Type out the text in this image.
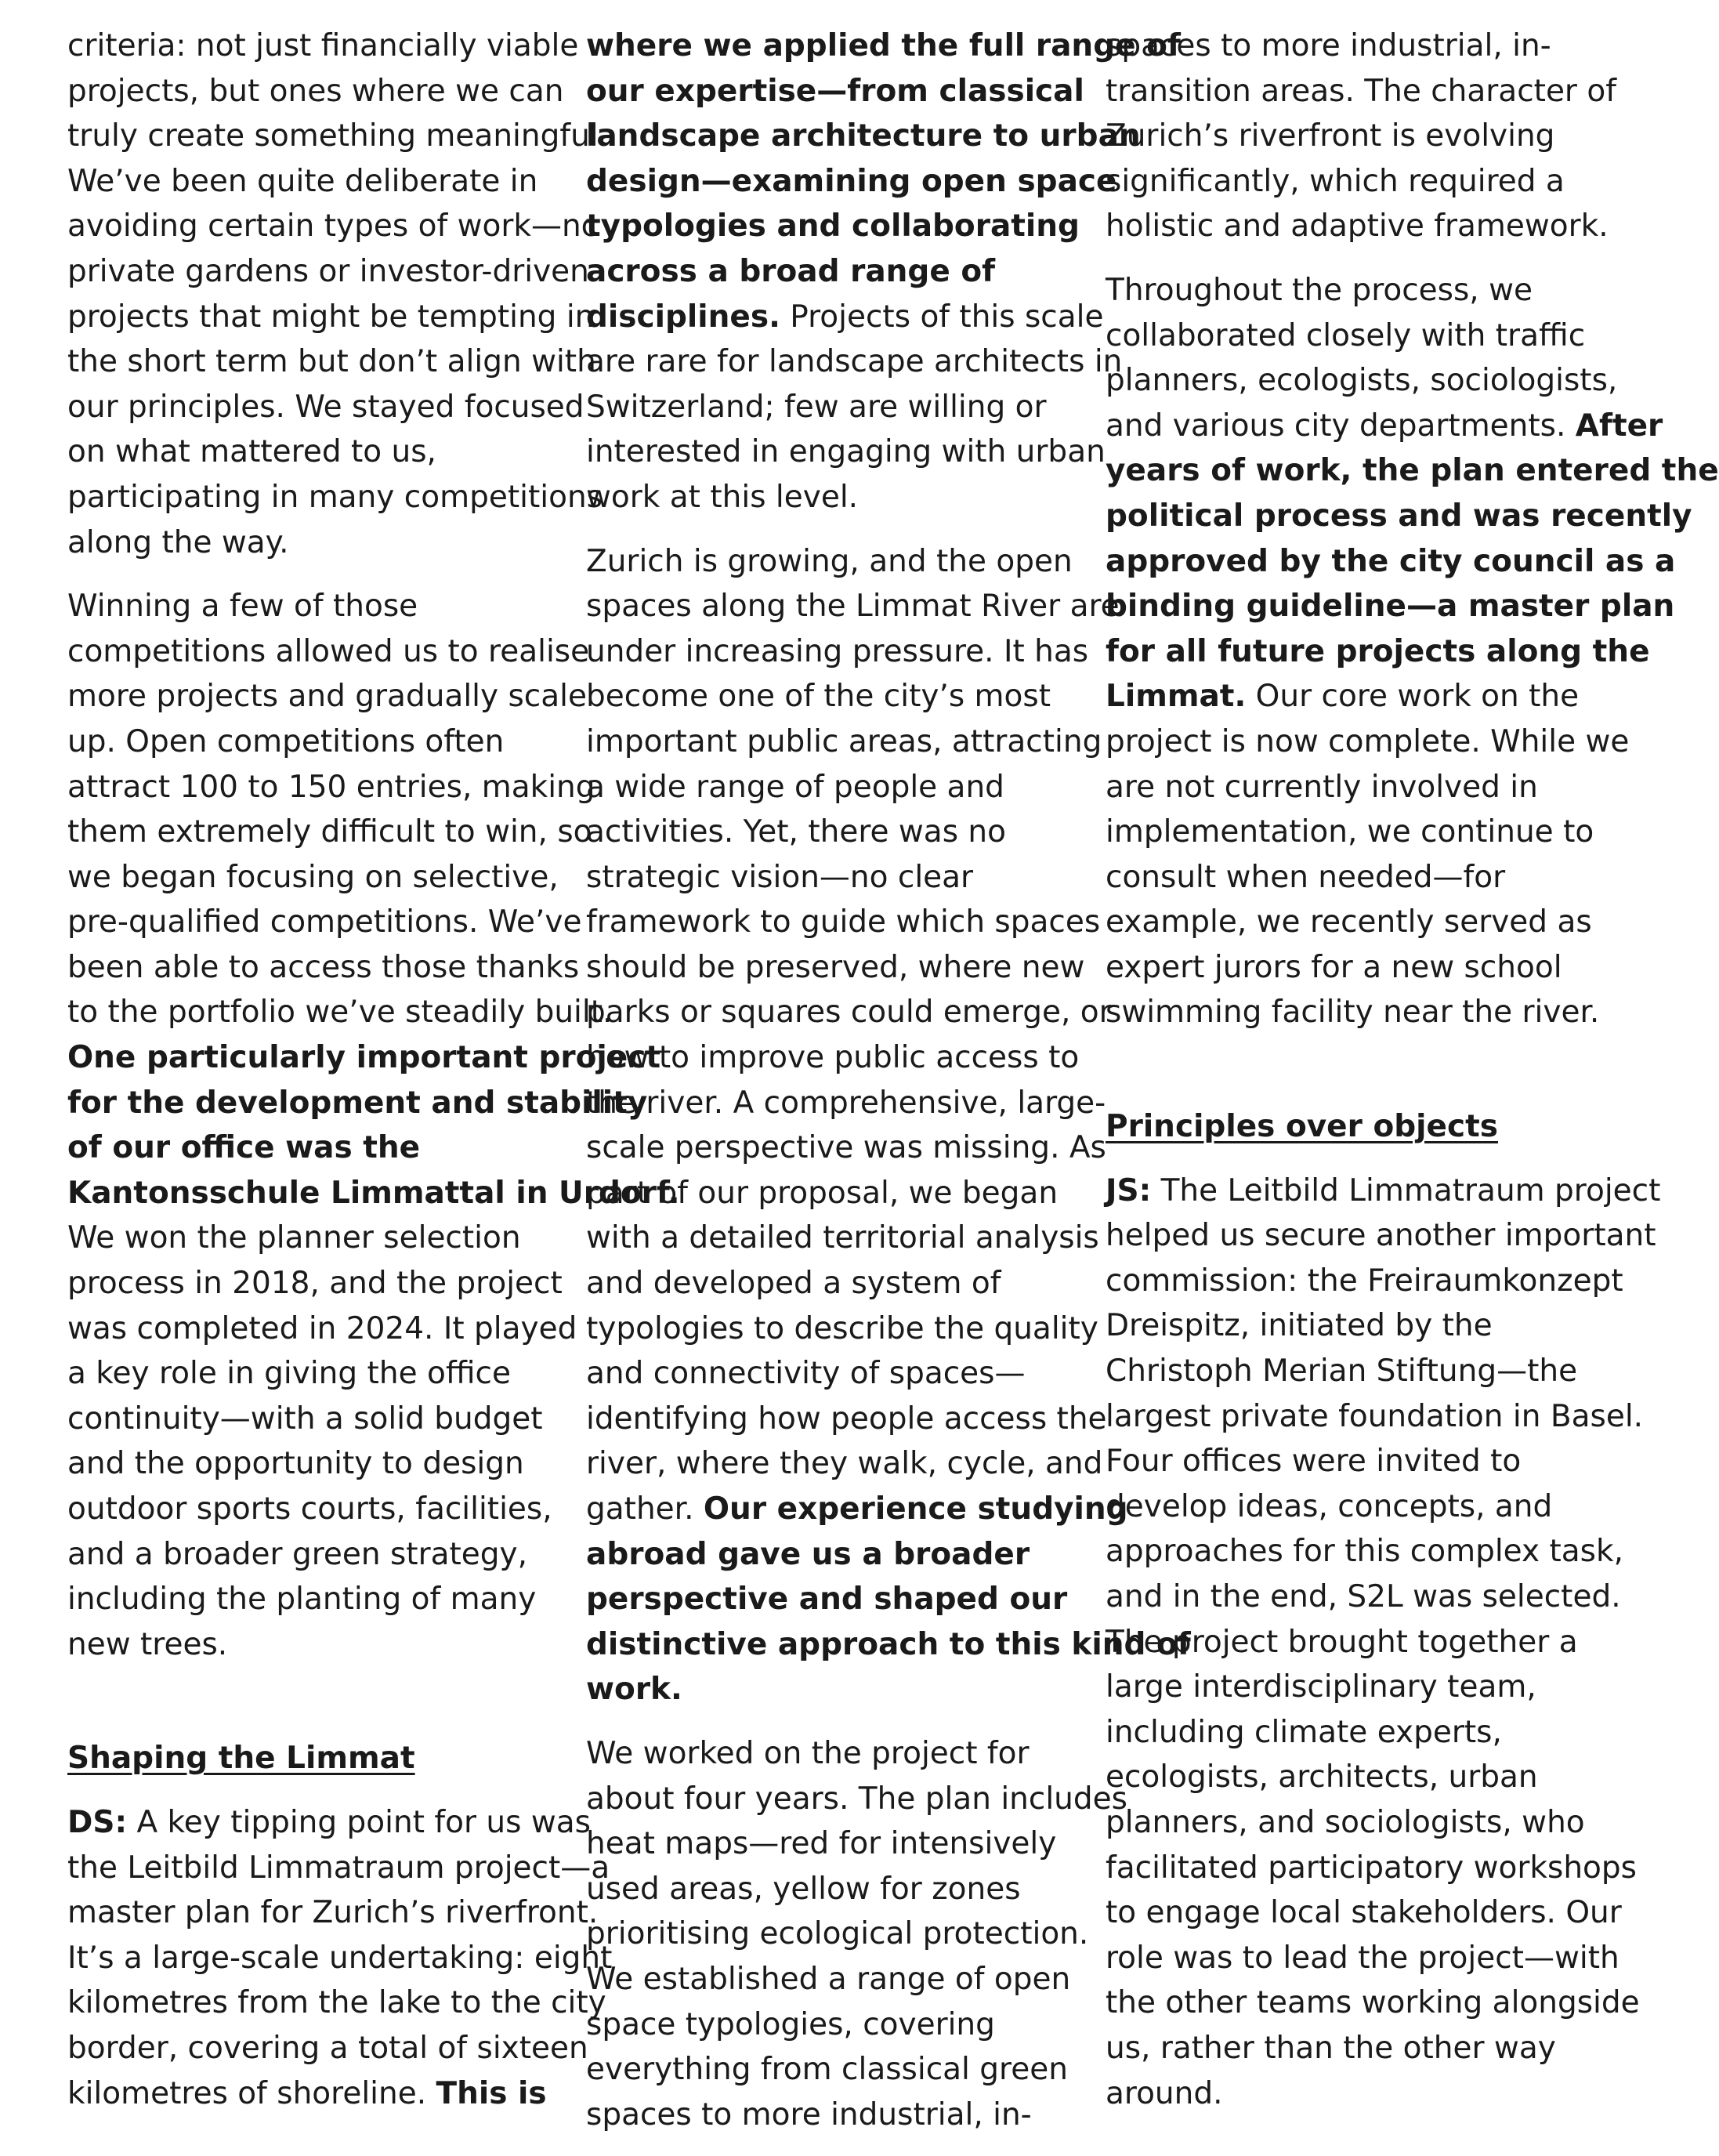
criteria: not just financially viable
projects, but ones where we can
truly create something meaningful.
We’ve been quite deliberate in
avoiding certain types of work—nc
private gardens or investor-driven
projects that might be tempting in
the short term but don’t align with
our principles. We stayed focused
on what mattered to us,
participating in many competitions
along the way.

Winning a few of those
competitions allowed us to realise
more projects and gradually scale
up. Open competitions often
attract 100 to 150 entries, making
them extremely difficult to win, so
we began focusing on selective,
pre-qualified competitions. We’ve
been able to access those thanks
to the portfolio we’ve steadily built.
One particularly important project
for the development and stability
of our office was the
Kantonsschule Limmattal in Urdorf.
We won the planner selection
process in 2018, and the project
was completed in 2024. It played
a key role in giving the office
continuity—with a solid budget
and the opportunity to design
outdoor sports courts, facilities,
and a broader green strategy,
including the planting of many
new trees.

Shaping the Limmat

DS: A key tipping point for us was
the Leitbild Limmatraum project—a
master plan for Zurich’s riverfront.
It’s a large-scale undertaking: eight
kilometres from the lake to the city
border, covering a total of sixteen
kilometres of shoreline. This is

where we applied the full range of
our expertise—from classical
landscape architecture to urban
design—examining open space
typologies and collaborating
across a broad range of
disciplines. Projects of this scale
are rare for landscape architects in
Switzerland; few are willing or
interested in engaging with urban
work at this level.

Zurich is growing, and the open
spaces along the Limmat River are
under increasing pressure. It has
become one of the city’s most
important public areas, attracting
a wide range of people and
activities. Yet, there was no
strategic vision—no clear
framework to guide which spaces
should be preserved, where new
parks or squares could emerge, or
how to improve public access to
the river. A comprehensive, large-
scale perspective was missing. As
part of our proposal, we began
with a detailed territorial analysis
and developed a system of
typologies to describe the quality
and connectivity of spaces—
identifying how people access the
river, where they walk, cycle, and
gather. Our experience studying
abroad gave us a broader
perspective and shaped our
distinctive approach to this kind of
work.

We worked on the project for
about four years. The plan includes
heat maps—red for intensively
used areas, yellow for zones
prioritising ecological protection.
We established a range of open
space typologies, covering
everything from classical green
spaces to more industrial, in-

spaces to more industrial, in-
transition areas. The character of
Zurich’s riverfront is evolving
significantly, which required a
holistic and adaptive framework.

Throughout the process, we
collaborated closely with traffic
planners, ecologists, sociologists,
and various city departments. After
years of work, the plan entered the
political process and was recently
approved by the city council as a
binding guideline—a master plan
for all future projects along the
Limmat. Our core work on the
project is now complete. While we
are not currently involved in
implementation, we continue to
consult when needed—for
example, we recently served as
expert jurors for a new school
swimming facility near the river.

Principles over objects

JS: The Leitbild Limmatraum project
helped us secure another important
commission: the Freiraumkonzept
Dreispitz, initiated by the
Christoph Merian Stiftung—the
largest private foundation in Basel.
Four offices were invited to
develop ideas, concepts, and
approaches for this complex task,
and in the end, S2L was selected.
The project brought together a
large interdisciplinary team,
including climate experts,
ecologists, architects, urban
planners, and sociologists, who
facilitated participatory workshops
to engage local stakeholders. Our
role was to lead the project—with
the other teams working alongside
us, rather than the other way
around.
